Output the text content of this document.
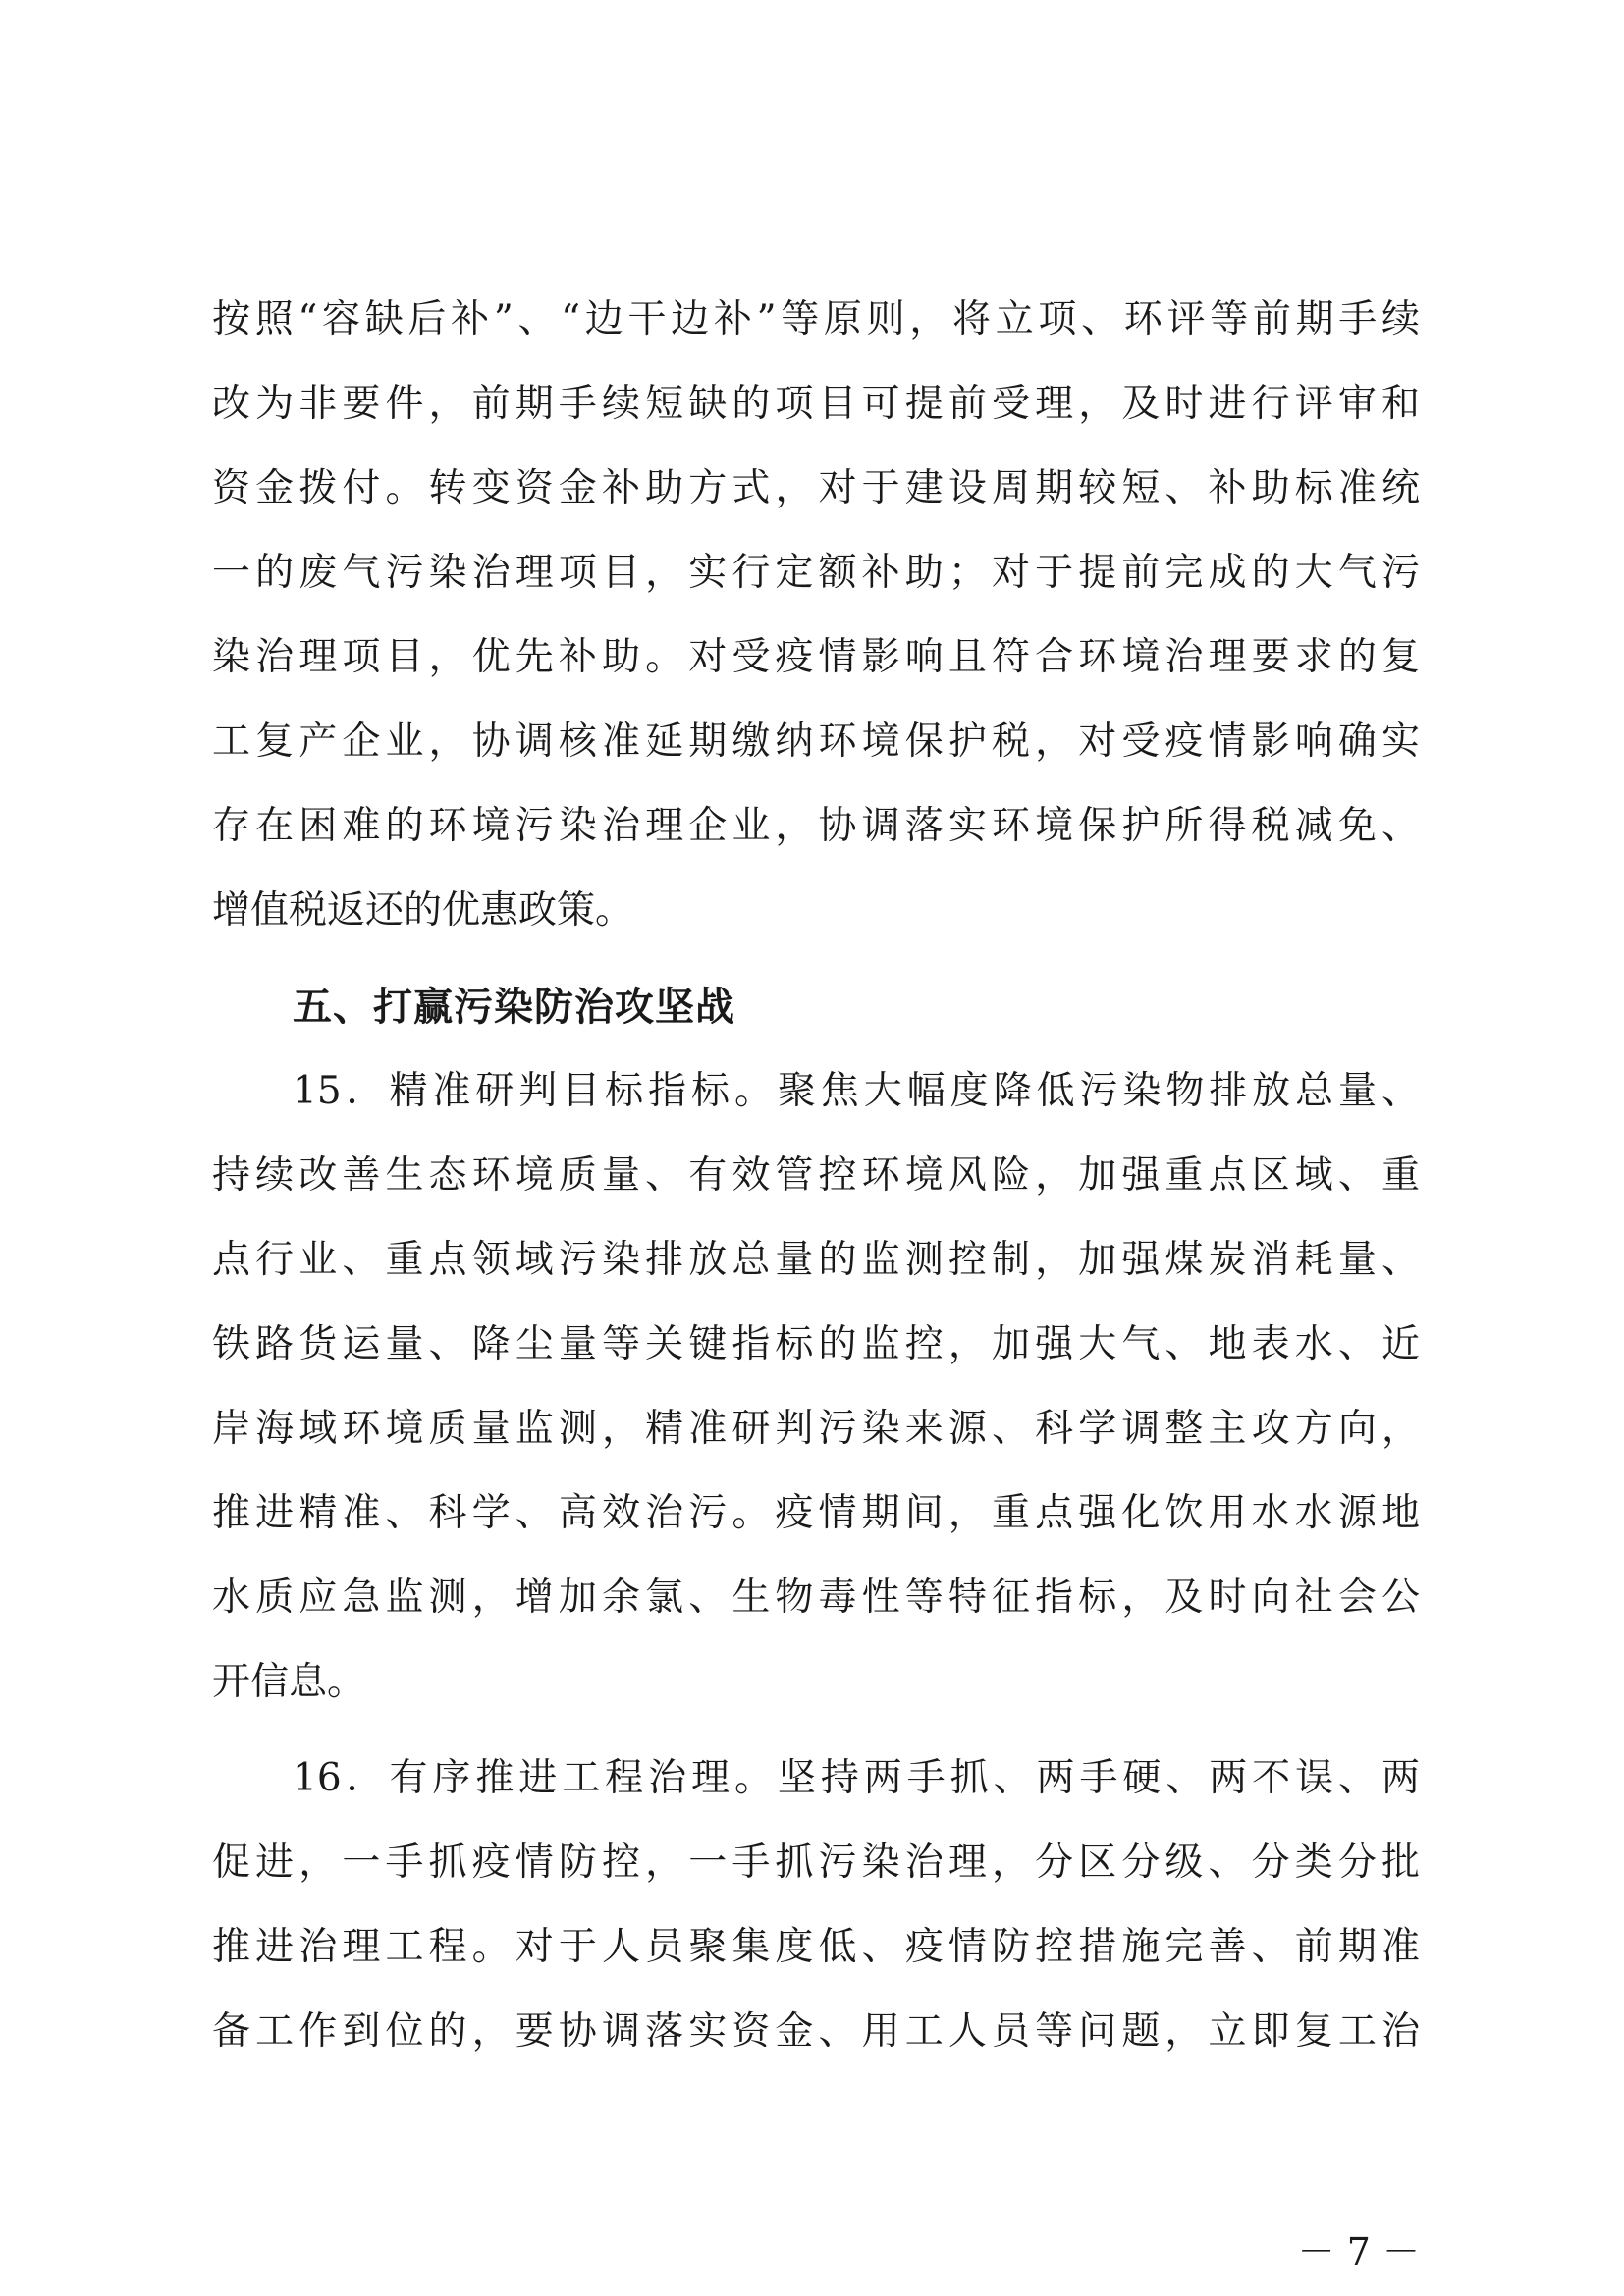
按照“容缺后补”、“边干边补”等原则，将立项、环评等前期手续
改为非要件，前期手续短缺的项目可提前受理，及时进行评审和
资金拨付。转变资金补助方式，对于建设周期较短、补助标准统
一的废气污染治理项目，实行定额补助；对于提前完成的大气污
染治理项目，优先补助。对受疫情影响且符合环境治理要求的复
工复产企业，协调核准延期缴纳环境保护税，对受疫情影响确实
存在困难的环境污染治理企业，协调落实环境保护所得税减免、
增值税返还的优惠政策。
五、打赢污染防治攻坚战
15．精准研判目标指标。聚焦大幅度降低污染物排放总量、
持续改善生态环境质量、有效管控环境风险，加强重点区域、重
点行业、重点领域污染排放总量的监测控制，加强煤炭消耗量、
铁路货运量、降尘量等关键指标的监控，加强大气、地表水、近
岸海域环境质量监测，精准研判污染来源、科学调整主攻方向，
推进精准、科学、高效治污。疫情期间，重点强化饮用水水源地
水质应急监测，增加余氯、生物毒性等特征指标，及时向社会公
开信息。
16．有序推进工程治理。坚持两手抓、两手硬、两不误、两
促进，一手抓疫情防控，一手抓污染治理，分区分级、分类分批
推进治理工程。对于人员聚集度低、疫情防控措施完善、前期准
备工作到位的，要协调落实资金、用工人员等问题，立即复工治
－ 7 －
